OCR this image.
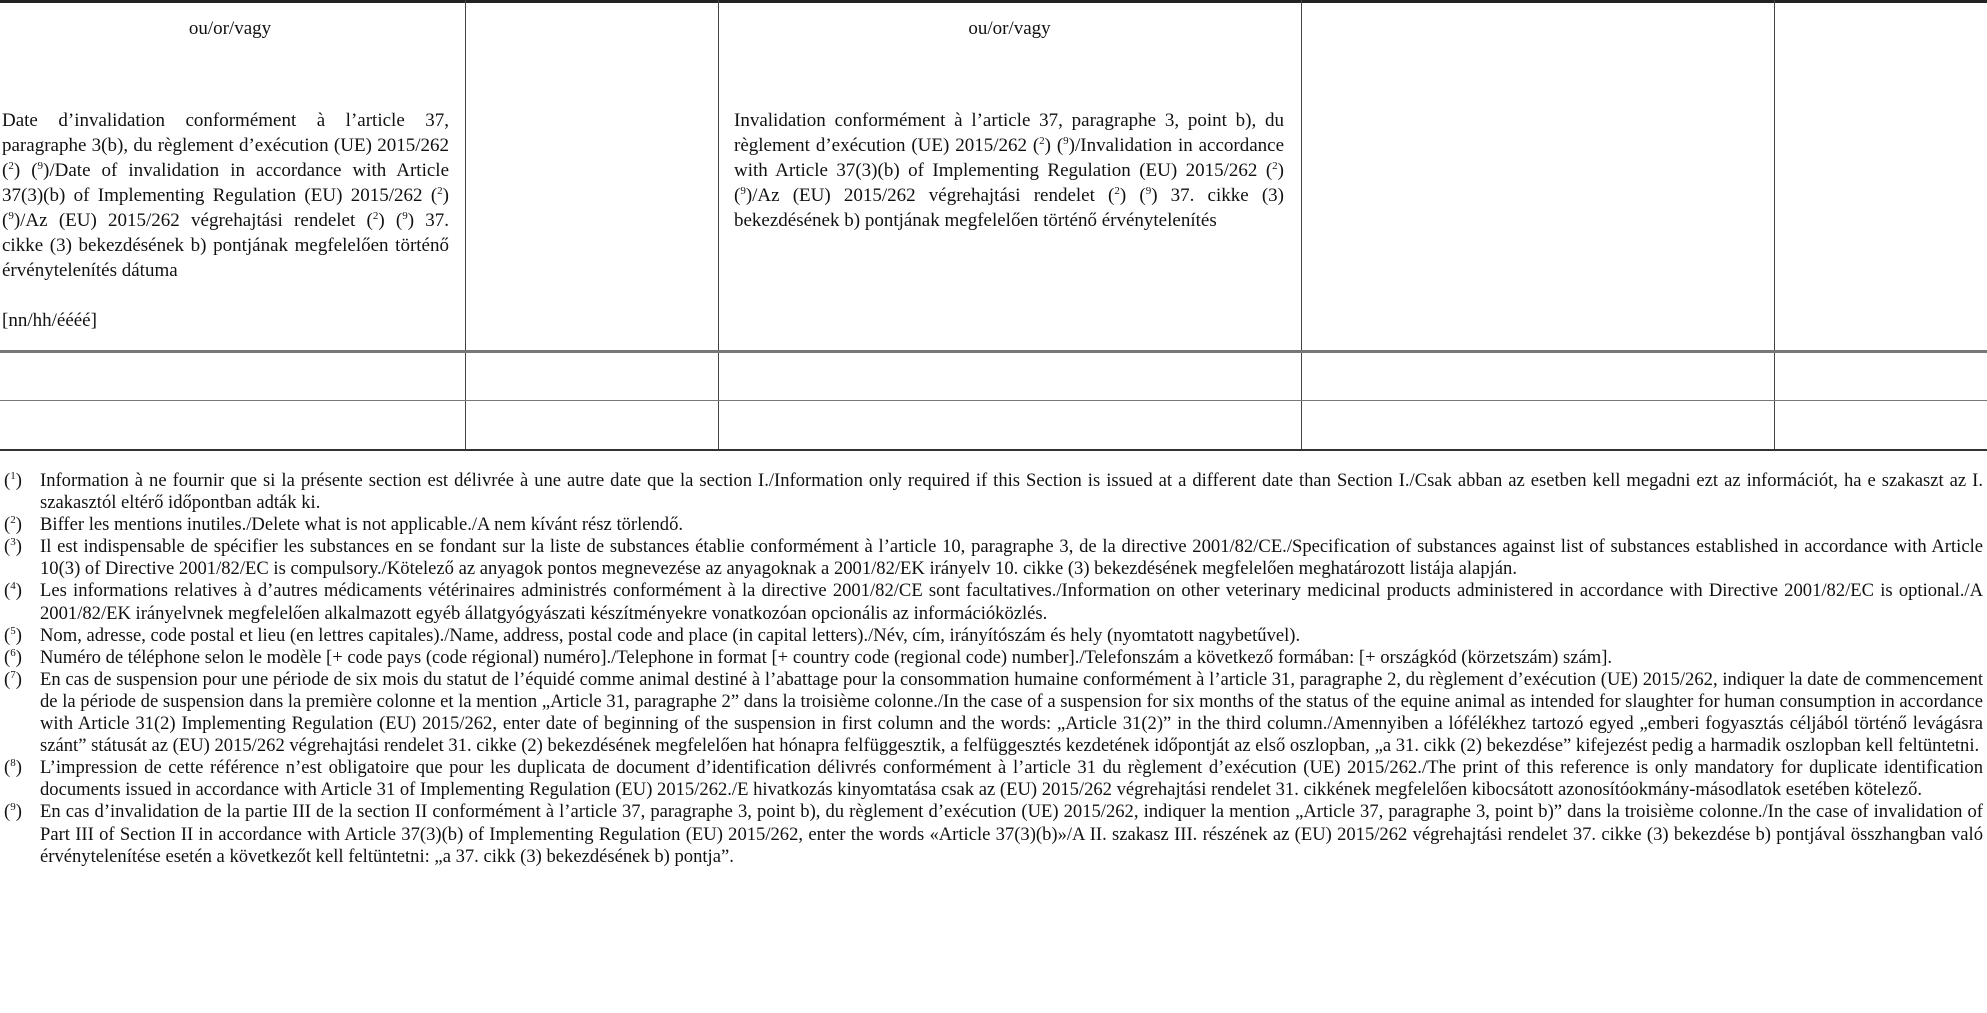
ou/or/vagy
Date d’invalidation conformément à l’article 37, paragraphe 3(b), du règlement d’exécution (UE) 2015/262 ($^2$) ($^9$)/Date of invalidation in accordance with Article 37(3)(b) of Implementing Regulation (EU) 2015/262 ($^2$) ($^9$)/Az (EU) 2015/262 végrehajtási rendelet ($^2$) ($^9$) 37. cikke (3) bekezdésének b) pontjának megfelelően történő érvénytelenítés dátuma
[nn/hh/éééé]
ou/or/vagy
Invalidation conformément à l’article 37, paragraphe 3, point b), du règlement d’exécution (UE) 2015/262 ($^2$) ($^9$)/Invalidation in accordance with Article 37(3)(b) of Implementing Regulation (EU) 2015/262 ($^2$) ($^9$)/Az (EU) 2015/262 végrehajtási rendelet ($^2$) ($^9$) 37. cikke (3) bekezdésének b) pontjának megfelelően történő érvénytelenítés
($^1$) Information à ne fournir que si la présente section est délivrée à une autre date que la section I./Information only required if this Section is issued at a different date than Section I./Csak abban az esetben kell megadni ezt az információt, ha e szakaszt az I. szakasztól eltérő időpontban adták ki.
($^2$) Biffer les mentions inutiles./Delete what is not applicable./A nem kívánt rész törlendő.
($^3$) Il est indispensable de spécifier les substances en se fondant sur la liste de substances établie conformément à l’article 10, paragraphe 3, de la directive 2001/82/CE./Specification of substances against list of substances established in accordance with Article 10(3) of Directive 2001/82/EC is compulsory./Kötelező az anyagok pontos megnevezése az anyagoknak a 2001/82/EK irányelv 10. cikke (3) bekezdésének megfelelően meghatározott listája alapján.
($^4$) Les informations relatives à d’autres médicaments vétérinaires administrés conformément à la directive 2001/82/CE sont facultatives./Information on other veterinary medicinal products administered in accordance with Directive 2001/82/EC is optional./A 2001/82/EK irányelvnek megfelelően alkalmazott egyéb állatgyógyászati készítményekre vonatkozóan opcionális az információközlés.
($^5$) Nom, adresse, code postal et lieu (en lettres capitales)./Name, address, postal code and place (in capital letters)./Név, cím, irányítószám és hely (nyomtatott nagybetűvel).
($^6$) Numéro de téléphone selon le modèle [+ code pays (code régional) numéro]./Telephone in format [+ country code (regional code) number]./Telefonszám a következő formában: [+ országkód (körzetszám) szám].
($^7$) En cas de suspension pour une période de six mois du statut de l’équidé comme animal destiné à l’abattage pour la consommation humaine conformément à l’article 31, paragraphe 2, du règlement d’exécution (UE) 2015/262, indiquer la date de commencement de la période de suspension dans la première colonne et la mention „Article 31, paragraphe 2” dans la troisième colonne./In the case of a suspension for six months of the status of the equine animal as intended for slaughter for human consumption in accordance with Article 31(2) Implementing Regulation (EU) 2015/262, enter date of beginning of the suspension in first column and the words: „Article 31(2)” in the third column./Amennyiben a lófélékhez tartozó egyed „emberi fogyasztás céljából történő levágásra szánt” státusát az (EU) 2015/262 végrehajtási rendelet 31. cikke (2) bekezdésének megfelelően hat hónapra felfüggesztik, a felfüggesztés kezdetének időpontját az első oszlopban, „a 31. cikk (2) bekezdése” kifejezést pedig a harmadik oszlopban kell feltüntetni.
($^8$) L’impression de cette référence n’est obligatoire que pour les duplicata de document d’identification délivrés conformément à l’article 31 du règlement d’exécution (UE) 2015/262./The print of this reference is only mandatory for duplicate identification documents issued in accordance with Article 31 of Implementing Regulation (EU) 2015/262./E hivatkozás kinyomtatása csak az (EU) 2015/262 végrehajtási rendelet 31. cikkének megfelelően kibocsátott azonosítóokmány-másodlatok esetében kötelező.
($^9$) En cas d’invalidation de la partie III de la section II conformément à l’article 37, paragraphe 3, point b), du règlement d’exécution (UE) 2015/262, indiquer la mention „Article 37, paragraphe 3, point b)” dans la troisième colonne./In the case of invalidation of Part III of Section II in accordance with Article 37(3)(b) of Implementing Regulation (EU) 2015/262, enter the words «Article 37(3)(b)»/A II. szakasz III. részének az (EU) 2015/262 végrehajtási rendelet 37. cikke (3) bekezdése b) pontjával összhangban való érvénytelenítése esetén a következőt kell feltüntetni: „a 37. cikk (3) bekezdésének b) pontja”.
